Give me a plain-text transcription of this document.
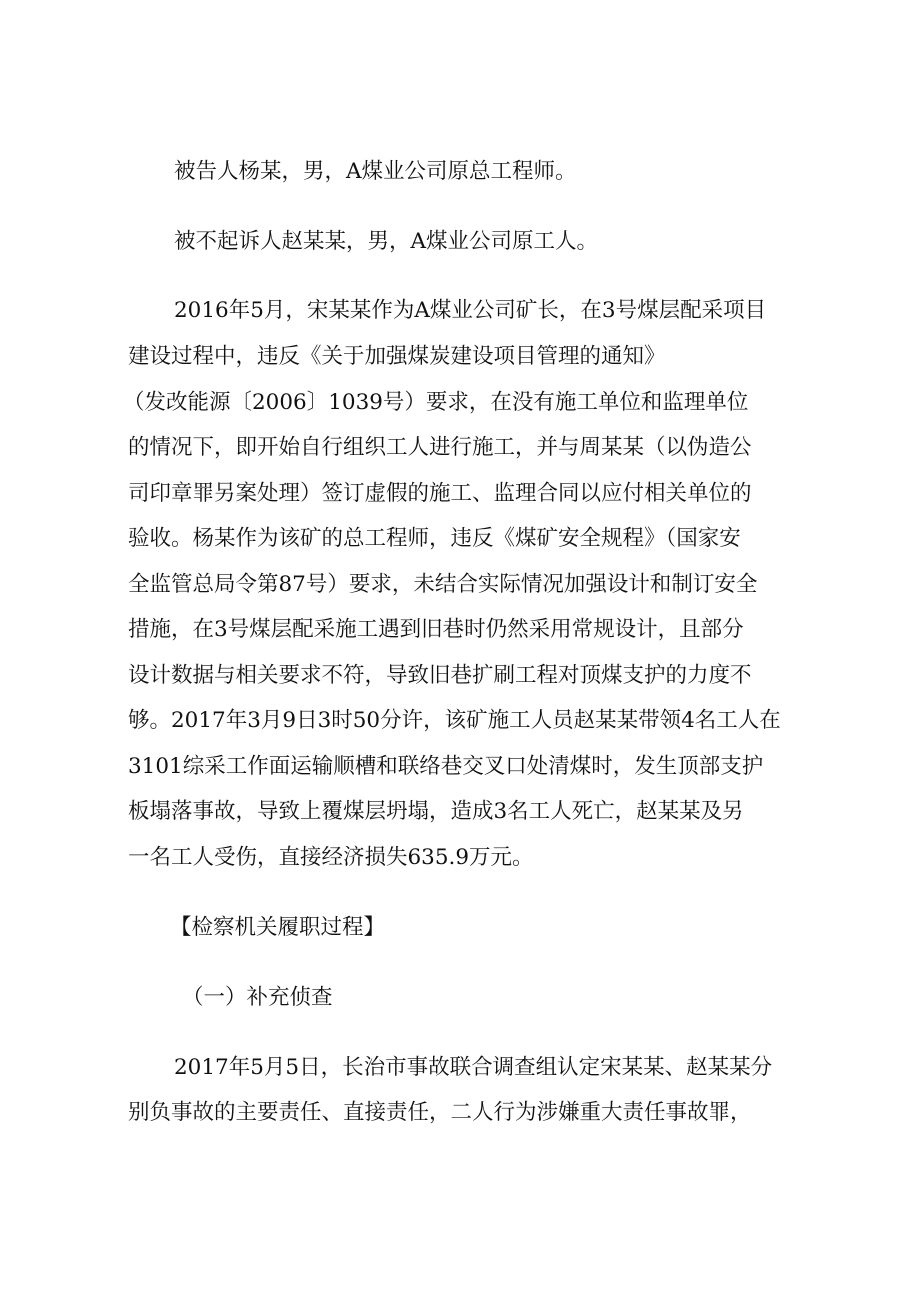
被告人杨某，男，A煤业公司原总工程师。
被不起诉人赵某某，男，A煤业公司原工人。
2016年5月，宋某某作为A煤业公司矿长，在3号煤层配采项目
建设过程中，违反《关于加强煤炭建设项目管理的通知》
（发改能源〔2006〕1039号）要求，在没有施工单位和监理单位
的情况下，即开始自行组织工人进行施工，并与周某某（以伪造公
司印章罪另案处理）签订虚假的施工、监理合同以应付相关单位的
验收。杨某作为该矿的总工程师，违反《煤矿安全规程》（国家安
全监管总局令第87号）要求，未结合实际情况加强设计和制订安全
措施，在3号煤层配采施工遇到旧巷时仍然采用常规设计，且部分
设计数据与相关要求不符，导致旧巷扩刷工程对顶煤支护的力度不
够。2017年3月9日3时50分许，该矿施工人员赵某某带领4名工人在
3101综采工作面运输顺槽和联络巷交叉口处清煤时，发生顶部支护
板塌落事故，导致上覆煤层坍塌，造成3名工人死亡，赵某某及另
一名工人受伤，直接经济损失635.9万元。
【检察机关履职过程】
（一）补充侦查
2017年5月5日，长治市事故联合调查组认定宋某某、赵某某分
别负事故的主要责任、直接责任，二人行为涉嫌重大责任事故罪，
